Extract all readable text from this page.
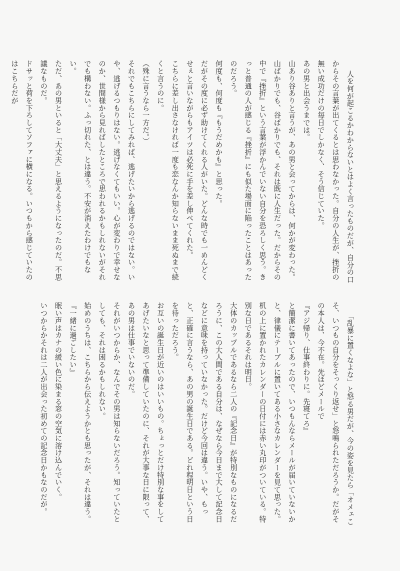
人を何が起こるかわからないとはよく言ったものだが、自分の口からその言葉が出てくるとは思わなかった。自分の人生が、挫折の無い成功だけの毎日でしかなく、そう信じていた。
あの男と出会うまでは。
山あり谷ありと言うが、あの男と会ってからは、何かが変わった。山ばかりでも、谷ばかりでも、それは既に人生だった。だからその中で『挫折』という言葉が浮かんでいない自分を恐ろしく思う。きっと普通の人が感じる『挫折』にも似た場面に陥ったことはあったのだろう。
何度も、何度も『もうだめかも』と思った。
だがその度に必ず助けてくれる人がいた。どんな時でも一めんどくせぇと言いながらもアイツは必死に手を差し伸べてくれた。
こちらに差し出さなければ一度も恋なんか知らないまま死ぬまで続くと言うのに。
（殊に言うなら一方だ。）
それでもこちらにしてみれば、逃げたいから逃げるのではない。いや、逃げるつもりはない。逃げなくてもいい。心が変わりで幸せなのか、世間様から見ればしたところで思われるかもしれないがそれでも構わない。ふっ切れた、とは違う。不安が消えたわけでもない。
ただ、あの男といると「大丈夫」と思えるようになったのだ。不思議なものだ。
ドサッと荷を下ろしてソファに横になる。いつもから感じていたのはこちらだが

「乱暴に置くなよな」と怒る男だが、今の姿を見たら「オメェこそ、いつもの自分をそっくり返せ」と怒鳴られただろうか。だがその本人は、今不在。先ほどメールで
『アジ帰り、仕事終わりに。先寝てろ』
と簡潔に書いてあったので、いつもんならメールが届いていないかと、律儀にテーブルに置いてある小さなカレンダーを見て思った。
机の上に置かれたカレンダーの日付には赤い丸印がついている。特別な日であるそれは明日。
大体のカップルであるなら二人の『記念日』が特別なものになるだろうに、この大人間である自分は、なぜなら今日まで大して記念日などに意味を持っていなかった。だけど今回は違う。いや、もっと、正確に言うなら、あの男の誕生日である。どれ程明日という日を待っただろう。
お互いの誕生日が近いのはいいもの。ちょっとだけ特別な事をしてあげたいなと思って準備していたのに、それが大事な日に限って、あの男は仕事でいないのだ。
それがいつからか、なんでその男は知らないだろう。知っていたとしても、それは困るかもしれない。
始めのうちは、こちらから伝えようかとも思ったが、それは違う。
『一緒に過ごしたい』
眠い声はカナの緩い色に染まる窓の空気に溶け込んでいく。
いつからかそれは二人が出会った初めての記念日かもなのだが。
